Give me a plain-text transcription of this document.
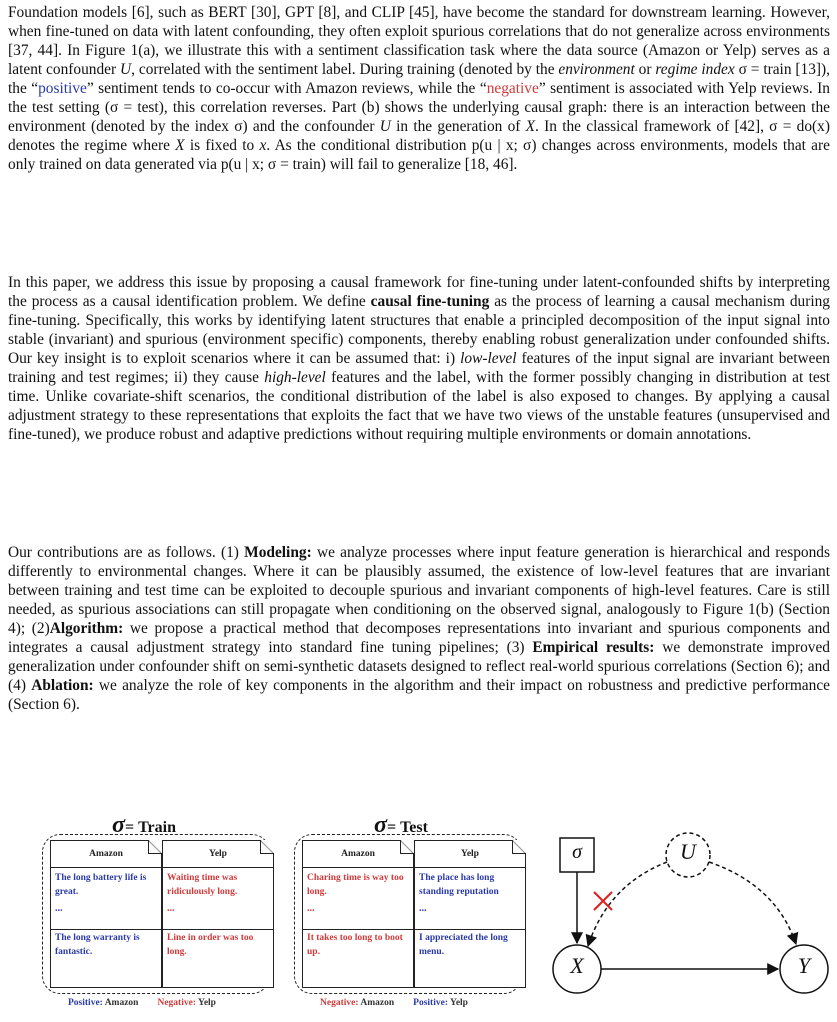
Foundation models [6], such as BERT [30], GPT [8], and CLIP [45], have become the standard for downstream learning. However, when fine-tuned on data with latent confounding, they often exploit spurious correlations that do not generalize across environments [37, 44]. In Figure 1(a), we illustrate this with a sentiment classification task where the data source (Amazon or Yelp) serves as a latent confounder U, correlated with the sentiment label. During training (denoted by the environment or regime index σ = train [13]), the “positive” sentiment tends to co-occur with Amazon reviews, while the “negative” sentiment is associated with Yelp reviews. In the test setting (σ = test), this correlation reverses. Part (b) shows the underlying causal graph: there is an interaction between the environment (denoted by the index σ) and the confounder U in the generation of X. In the classical framework of [42], σ = do(x) denotes the regime where X is fixed to x. As the conditional distribution p(u | x; σ) changes across environments, models that are only trained on data generated via p(u | x; σ = train) will fail to generalize [18, 46].

In this paper, we address this issue by proposing a causal framework for fine-tuning under latent-confounded shifts by interpreting the process as a causal identification problem. We define causal fine-tuning as the process of learning a causal mechanism during fine-tuning. Specifically, this works by identifying latent structures that enable a principled decomposition of the input signal into stable (invariant) and spurious (environment specific) components, thereby enabling robust generalization under confounded shifts. Our key insight is to exploit scenarios where it can be assumed that: i) low-level features of the input signal are invariant between training and test regimes; ii) they cause high-level features and the label, with the former possibly changing in distribution at test time. Unlike covariate-shift scenarios, the conditional distribution of the label is also exposed to changes. By applying a causal adjustment strategy to these representations that exploits the fact that we have two views of the unstable features (unsupervised and fine-tuned), we produce robust and adaptive predictions without requiring multiple environments or domain annotations.

Our contributions are as follows. (1) Modeling: we analyze processes where input feature generation is hierarchical and responds differently to environmental changes. Where it can be plausibly assumed, the existence of low-level features that are invariant between training and test time can be exploited to decouple spurious and invariant components of high-level features. Care is still needed, as spurious associations can still propagate when conditioning on the observed signal, analogously to Figure 1(b) (Section 4); (2)Algorithm: we propose a practical method that decomposes representations into invariant and spurious components and integrates a causal adjustment strategy into standard fine tuning pipelines; (3) Empirical results: we demonstrate improved generalization under confounder shift on semi-synthetic datasets designed to reflect real-world spurious correlations (Section 6); and (4) Ablation: we analyze the role of key components in the algorithm and their impact on robustness and predictive performance (Section 6).

σ= Train
Amazon
The long battery life is great.
...
The long warranty is fantastic.
Yelp
Waiting time was ridiculously long.
...
Line in order was too long.
Positive: Amazon Negative: Yelp
σ= Test
Amazon
Charing time is way too long.
...
It takes too long to boot up.
Yelp
The place has long standing reputation
...
I appreciated the long menu.
Negative: Amazon Positive: Yelp
σ	U
X	Y
